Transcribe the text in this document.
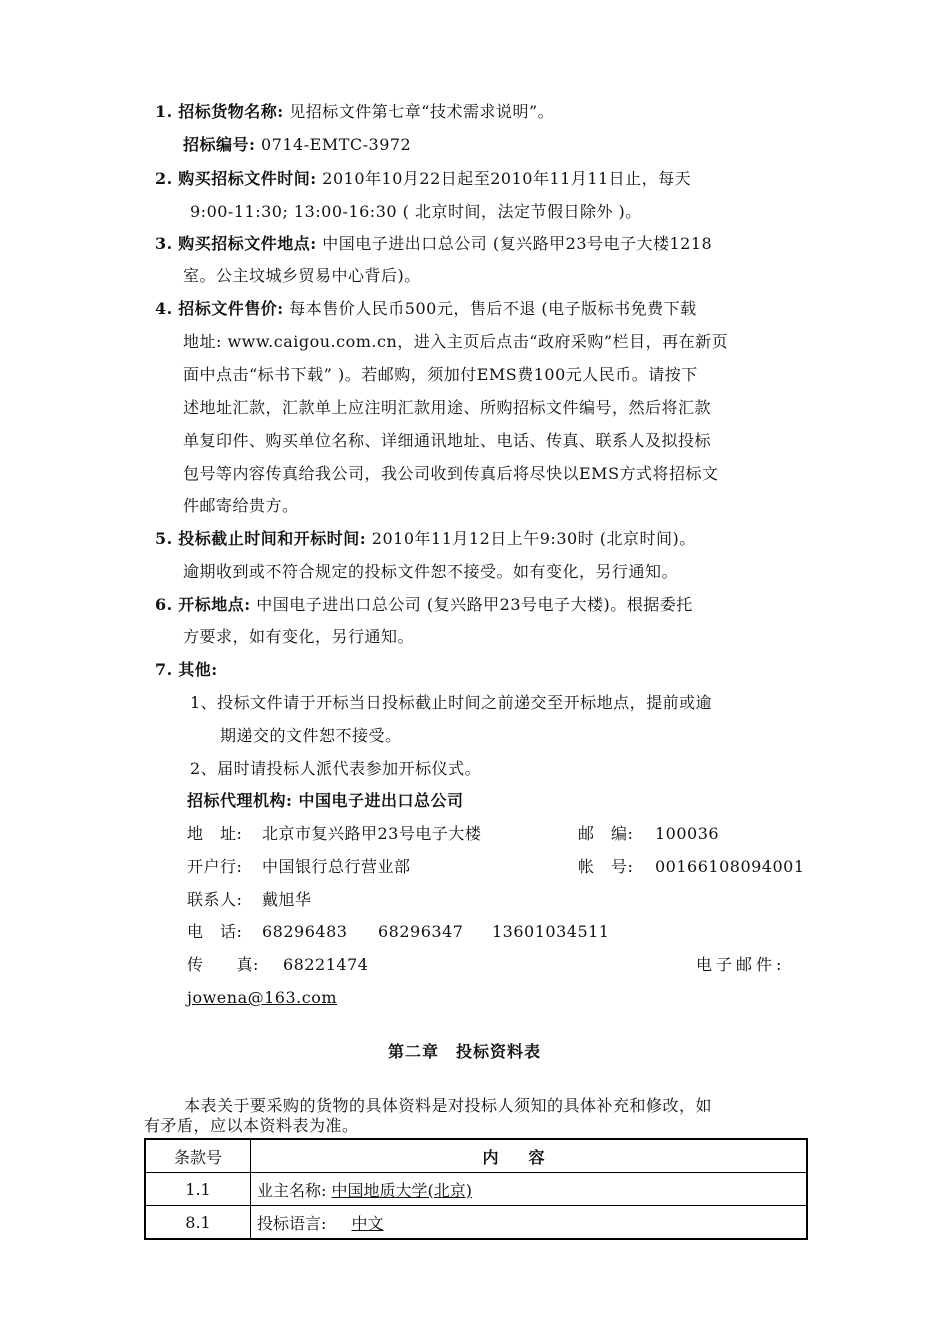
1. 招标货物名称: 见招标文件第七章“技术需求说明”。
招标编号: 0714-EMTC-3972
2. 购买招标文件时间: 2010年10月22日起至2010年11月11日止，每天
9:00-11:30; 13:00-16:30 ( 北京时间，法定节假日除外 )。
3. 购买招标文件地点: 中国电子进出口总公司 (复兴路甲23号电子大楼1218
室。公主坟城乡贸易中心背后)。
4. 招标文件售价: 每本售价人民币500元，售后不退 (电子版标书免费下载
地址: www.caigou.com.cn，进入主页后点击“政府采购”栏目，再在新页
面中点击“标书下载” )。若邮购，须加付EMS费100元人民币。请按下
述地址汇款，汇款单上应注明汇款用途、所购招标文件编号，然后将汇款
单复印件、购买单位名称、详细通讯地址、电话、传真、联系人及拟投标
包号等内容传真给我公司，我公司收到传真后将尽快以EMS方式将招标文
件邮寄给贵方。
5. 投标截止时间和开标时间: 2010年11月12日上午9:30时 (北京时间)。
逾期收到或不符合规定的投标文件恕不接受。如有变化，另行通知。
6. 开标地点: 中国电子进出口总公司 (复兴路甲23号电子大楼)。根据委托
方要求，如有变化，另行通知。
7. 其他:
1、投标文件请于开标当日投标截止时间之前递交至开标地点，提前或逾
期递交的文件恕不接受。
2、届时请投标人派代表参加开标仪式。
招标代理机构: 中国电子进出口总公司
地　址: 北京市复兴路甲23号电子大楼	邮　编: 100036
开户行: 中国银行总行营业部	帐　号: 00166108094001
联系人: 戴旭华
电　话: 68296483 68296347 13601034511
传　　真: 68221474	电子邮件:
jowena@163.com
第二章　投标资料表
本表关于要采购的货物的具体资料是对投标人须知的具体补充和修改，如
有矛盾，应以本资料表为准。
条款号	内容
1.1	业主名称: 中国地质大学(北京)
8.1	投标语言: 中文
